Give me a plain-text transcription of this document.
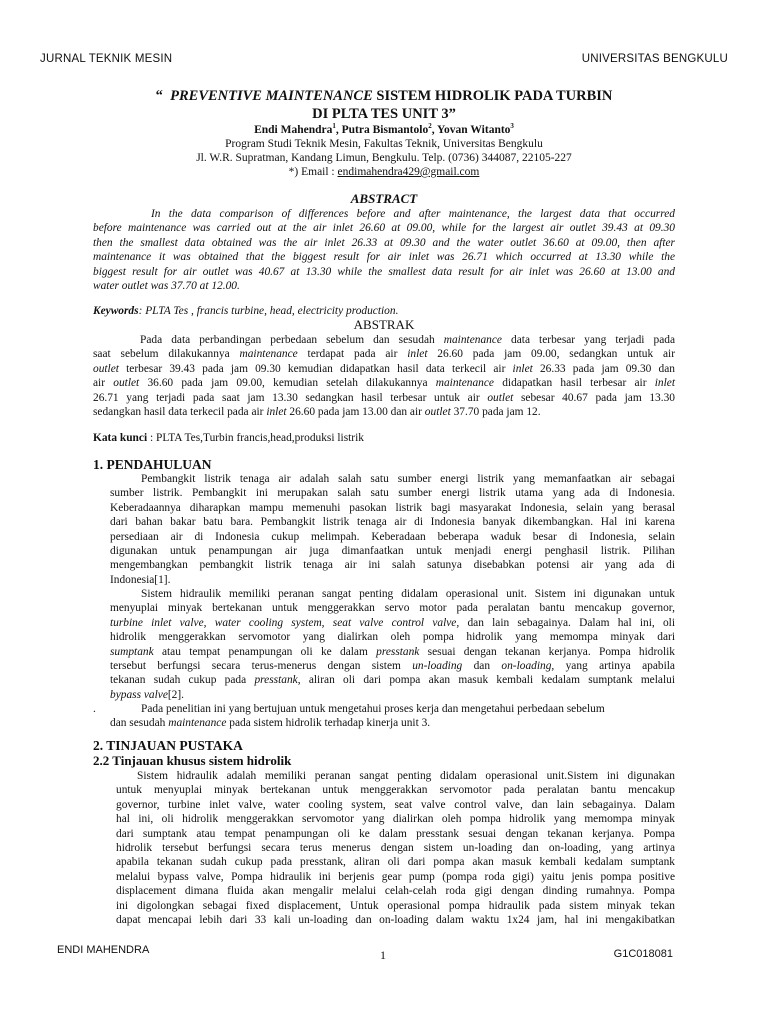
JURNAL TEKNIK MESIN	UNIVERSITAS BENGKULU
“ PREVENTIVE MAINTENANCE SISTEM HIDROLIK PADA TURBIN
DI PLTA TES UNIT 3”
Endi Mahendra$^1$, Putra Bismantolo$^2$, Yovan Witanto$^3$
Program Studi Teknik Mesin, Fakultas Teknik, Universitas Bengkulu
Jl. W.R. Supratman, Kandang Limun, Bengkulu. Telp. (0736) 344087, 22105-227
*) Email : endimahendra429@gmail.com
ABSTRACT
In the data comparison of differences before and after maintenance, the largest data that occurred
before maintenance was carried out at the air inlet 26.60 at 09.00, while for the largest air outlet 39.43 at 09.30
then the smallest data obtained was the air inlet 26.33 at 09.30 and the water outlet 36.60 at 09.00, then after
maintenance it was obtained that the biggest result for air inlet was 26.71 which occurred at 13.30 while the
biggest result for air outlet was 40.67 at 13.30 while the smallest data result for air inlet was 26.60 at 13.00 and
water outlet was 37.70 at 12.00.
Keywords: PLTA Tes , francis turbine, head, electricity production.
ABSTRAK
Pada data perbandingan perbedaan sebelum dan sesudah maintenance data terbesar yang terjadi pada
saat sebelum dilakukannya maintenance terdapat pada air inlet 26.60 pada jam 09.00, sedangkan untuk air
outlet terbesar 39.43 pada jam 09.30 kemudian didapatkan hasil data terkecil air inlet 26.33 pada jam 09.30 dan
air outlet 36.60 pada jam 09.00, kemudian setelah dilakukannya maintenance didapatkan hasil terbesar air inlet
26.71 yang terjadi pada saat jam 13.30 sedangkan hasil terbesar untuk air outlet sebesar 40.67 pada jam 13.30
sedangkan hasil data terkecil pada air inlet 26.60 pada jam 13.00 dan air outlet 37.70 pada jam 12.
Kata kunci : PLTA Tes,Turbin francis,head,produksi listrik
1. PENDAHULUAN
Pembangkit listrik tenaga air adalah salah satu sumber energi listrik yang memanfaatkan air sebagai
sumber listrik. Pembangkit ini merupakan salah satu sumber energi listrik utama yang ada di Indonesia.
Keberadaannya diharapkan mampu memenuhi pasokan listrik bagi masyarakat Indonesia, selain yang berasal
dari bahan bakar batu bara. Pembangkit listrik tenaga air di Indonesia banyak dikembangkan. Hal ini karena
persediaan air di Indonesia cukup melimpah. Keberadaan beberapa waduk besar di Indonesia, selain
digunakan untuk penampungan air juga dimanfaatkan untuk menjadi energi penghasil listrik. Pilihan
mengembangkan pembangkit listrik tenaga air ini salah satunya disebabkan potensi air yang ada di
Indonesia[1].
Sistem hidraulik memiliki peranan sangat penting didalam operasional unit. Sistem ini digunakan untuk
menyuplai minyak bertekanan untuk menggerakkan servo motor pada peralatan bantu mencakup governor,
turbine inlet valve, water cooling system, seat valve control valve, dan lain sebagainya. Dalam hal ini, oli
hidrolik menggerakkan servomotor yang dialirkan oleh pompa hidrolik yang memompa minyak dari
sumptank atau tempat penampungan oli ke dalam presstank sesuai dengan tekanan kerjanya. Pompa hidrolik
tersebut berfungsi secara terus-menerus dengan sistem un-loading dan on-loading, yang artinya apabila
tekanan sudah cukup pada presstank, aliran oli dari pompa akan masuk kembali kedalam sumptank melalui
bypass valve[2].
.	Pada penelitian ini yang bertujuan untuk mengetahui proses kerja dan mengetahui perbedaan sebelum
dan sesudah maintenance pada sistem hidrolik terhadap kinerja unit 3.
2. TINJAUAN PUSTAKA
2.2 Tinjauan khusus sistem hidrolik
Sistem hidraulik adalah memiliki peranan sangat penting didalam operasional unit.Sistem ini digunakan
untuk menyuplai minyak bertekanan untuk menggerakkan servomotor pada peralatan bantu mencakup
governor, turbine inlet valve, water cooling system, seat valve control valve, dan lain sebagainya. Dalam
hal ini, oli hidrolik menggerakkan servomotor yang dialirkan oleh pompa hidrolik yang memompa minyak
dari sumptank atau tempat penampungan oli ke dalam presstank sesuai dengan tekanan kerjanya. Pompa
hidrolik tersebut berfungsi secara terus menerus dengan sistem un-loading dan on-loading, yang artinya
apabila tekanan sudah cukup pada presstank, aliran oli dari pompa akan masuk kembali kedalam sumptank
melalui bypass valve, Pompa hidraulik ini berjenis gear pump (pompa roda gigi) yaitu jenis pompa positive
displacement dimana fluida akan mengalir melalui celah-celah roda gigi dengan dinding rumahnya. Pompa
ini digolongkan sebagai fixed displacement, Untuk operasional pompa hidraulik pada sistem minyak tekan
dapat mencapai lebih dari 33 kali un-loading dan on-loading dalam waktu 1x24 jam, hal ini mengakibatkan
ENDI MAHENDRA	1	G1C018081
